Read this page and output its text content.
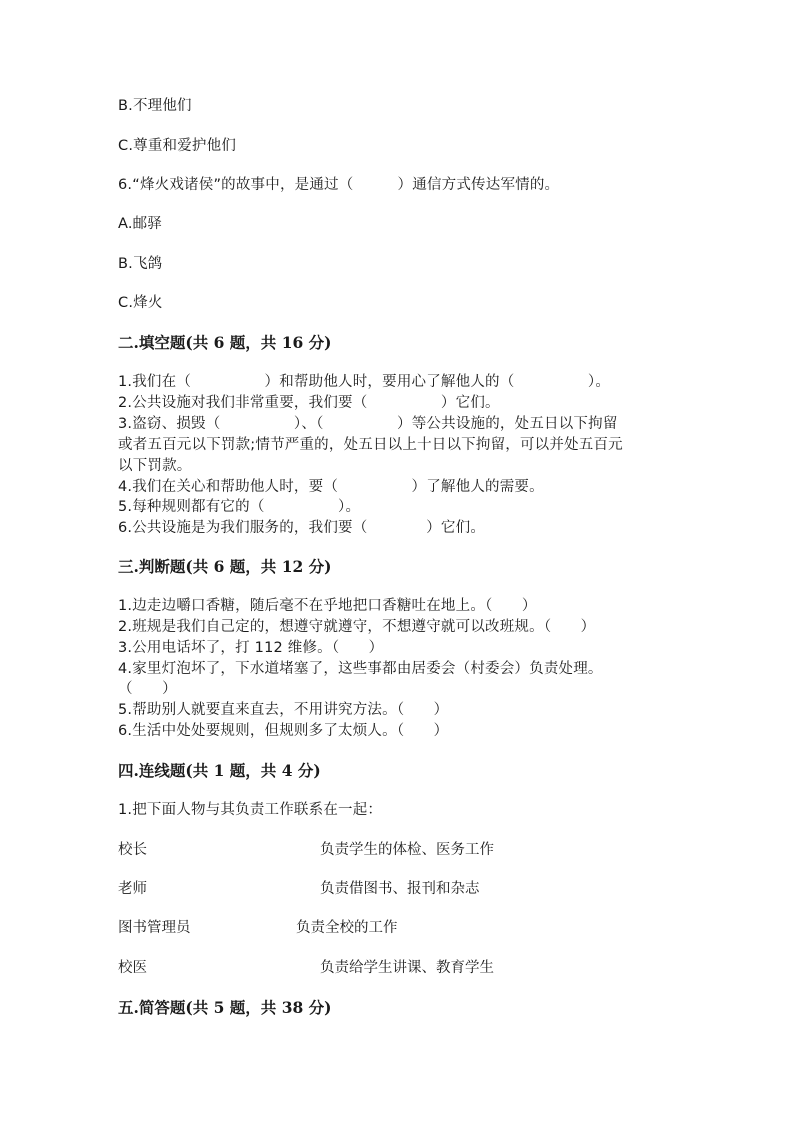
B.不理他们
C.尊重和爱护他们
6.“烽火戏诸侯”的故事中，是通过（　　　）通信方式传达军情的。
A.邮驿
B.飞鸽
C.烽火
二.填空题(共 6 题，共 16 分)
1.我们在（　　　　　）和帮助他人时，要用心了解他人的（　　　　　）。
2.公共设施对我们非常重要，我们要（　　　　　）它们。
3.盗窃、损毁（　　　　　）、（　　　　　）等公共设施的，处五日以下拘留
或者五百元以下罚款;情节严重的，处五日以上十日以下拘留，可以并处五百元
以下罚款。
4.我们在关心和帮助他人时，要（　　　　　）了解他人的需要。
5.每种规则都有它的（　　　　　）。
6.公共设施是为我们服务的，我们要（　　　　）它们。
三.判断题(共 6 题，共 12 分)
1.边走边嚼口香糖，随后毫不在乎地把口香糖吐在地上。（　　）
2.班规是我们自己定的，想遵守就遵守，不想遵守就可以改班规。（　　）
3.公用电话坏了，打 112 维修。（　　）
4.家里灯泡坏了，下水道堵塞了，这些事都由居委会（村委会）负责处理。
（　　）
5.帮助别人就要直来直去，不用讲究方法。（　　）
6.生活中处处要规则，但规则多了太烦人。（　　）
四.连线题(共 1 题，共 4 分)
1.把下面人物与其负责工作联系在一起：
校长	负责学生的体检、医务工作
老师	负责借图书、报刊和杂志
图书管理员	负责全校的工作
校医	负责给学生讲课、教育学生
五.简答题(共 5 题，共 38 分)
